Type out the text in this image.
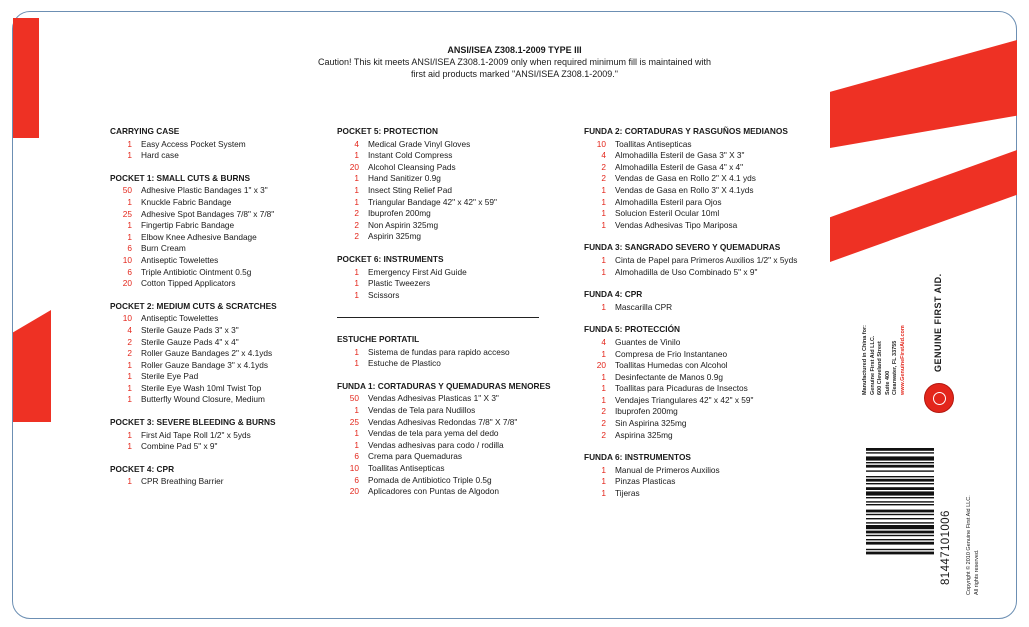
ANSI/ISEA Z308.1-2009 TYPE III
Caution! This kit meets ANSI/ISEA Z308.1-2009 only when required minimum fill is maintained with
first aid products marked "ANSI/ISEA Z308.1-2009."
CARRYING CASE
1	Easy Access Pocket System
1	Hard case
POCKET 1: SMALL CUTS & BURNS
50	Adhesive Plastic Bandages 1" x 3"
1	Knuckle Fabric Bandage
25	Adhesive Spot Bandages 7/8" x 7/8"
1	Fingertip Fabric Bandage
1	Elbow Knee Adhesive Bandage
6	Burn Cream
10	Antiseptic Towelettes
6	Triple Antibiotic Ointment 0.5g
20	Cotton Tipped Applicators
POCKET 2: MEDIUM CUTS & SCRATCHES
10	Antiseptic Towelettes
4	Sterile Gauze Pads 3" x 3"
2	Sterile Gauze Pads 4" x 4"
2	Roller Gauze Bandages 2" x 4.1yds
1	Roller Gauze Bandage 3" x 4.1yds
1	Sterile Eye Pad
1	Sterile Eye Wash 10ml Twist Top
1	Butterfly Wound Closure, Medium
POCKET 3: SEVERE BLEEDING & BURNS
1	First Aid Tape Roll 1/2" x 5yds
1	Combine Pad 5" x 9"
POCKET 4: CPR
1	CPR Breathing Barrier
POCKET 5: PROTECTION
4	Medical Grade Vinyl Gloves
1	Instant Cold Compress
20	Alcohol Cleansing Pads
1	Hand Sanitizer 0.9g
1	Insect Sting Relief Pad
1	Triangular Bandage 42" x 42" x 59"
2	Ibuprofen 200mg
2	Non Aspirin 325mg
2	Aspirin 325mg
POCKET 6: INSTRUMENTS
1	Emergency First Aid Guide
1	Plastic Tweezers
1	Scissors
ESTUCHE PORTATIL
1	Sistema de fundas para rapido acceso
1	Estuche de Plastico
FUNDA 1: CORTADURAS Y QUEMADURAS MENORES
50	Vendas Adhesivas Plasticas 1" X 3"
1	Vendas de Tela para Nudillos
25	Vendas Adhesivas Redondas 7/8" X 7/8"
1	Vendas de tela para yema del dedo
1	Vendas adhesivas para codo / rodilla
6	Crema para Quemaduras
10	Toallitas Antisepticas
6	Pomada de Antibiotico Triple 0.5g
20	Aplicadores con Puntas de Algodon
FUNDA 2: CORTADURAS Y RASGUÑOS MEDIANOS
10	Toallitas Antisepticas
4	Almohadilla Esteril de Gasa 3" X 3"
2	Almohadilla Esteril de Gasa 4" x 4"
2	Vendas de Gasa en Rollo 2" X 4.1 yds
1	Vendas de Gasa en Rollo 3" X 4.1yds
1	Almohadilla Esteril para Ojos
1	Solucion Esteril Ocular 10ml
1	Vendas Adhesivas Tipo Mariposa
FUNDA 3: SANGRADO SEVERO Y QUEMADURAS
1	Cinta de Papel para Primeros Auxilios 1/2" x 5yds
1	Almohadilla de Uso Combinado 5" x 9"
FUNDA 4: CPR
1	Mascarilla CPR
FUNDA 5: PROTECCIÓN
4	Guantes de Vinilo
1	Compresa de Frio Instantaneo
20	Toallitas Humedas con Alcohol
1	Desinfectante de Manos 0.9g
1	Toallitas para Picaduras de Insectos
1	Vendajes Triangulares 42" x 42" x 59"
2	Ibuprofen 200mg
2	Sin Aspirina 325mg
2	Aspirina 325mg
FUNDA 6: INSTRUMENTOS
1	Manual de Primeros Auxilios
1	Pinzas Plasticas
1	Tijeras
Manufactured in China for: Genuine First Aid LLC. 600 Cleveland Street Suite 400 Clearwater, FL 33755 www.GenuineFirstAid.com	GENUINE FIRST AID.
81447101006	Copyright © 2010 Genuine First Aid LLC. All rights reserved.
